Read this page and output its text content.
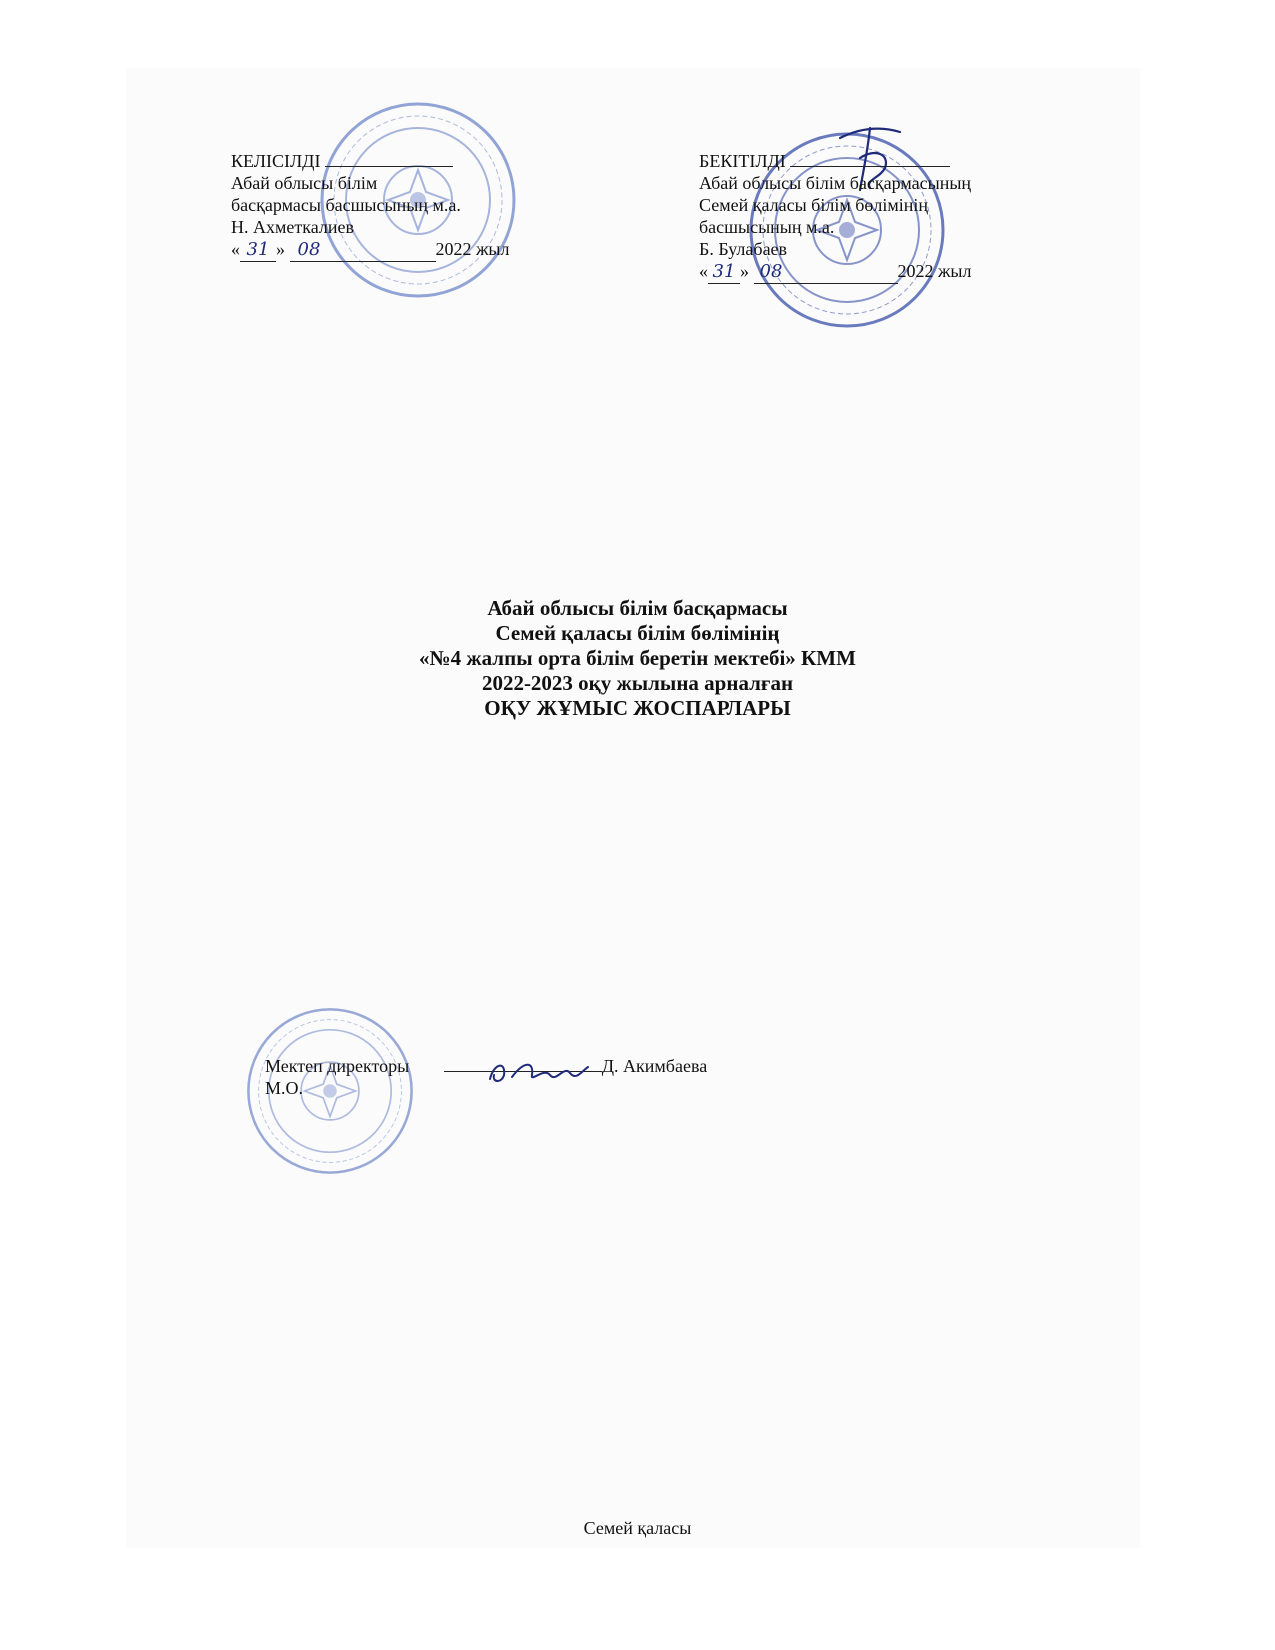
КЕЛІСІЛДІ
Абай облысы білім
басқармасы басшысының м.а.
Н. Ахметкалиев
« 31 » 08	2022 жыл
БЕКІТІЛДІ
Абай облысы білім басқармасының
Семей қаласы білім бөлімінің
басшысының м.а.
Б. Булабаев
« 31 » 08	2022 жыл
Абай облысы білім басқармасы
Семей қаласы білім бөлімінің
«№4 жалпы орта білім беретін мектебі» КММ
2022-2023 оқу жылына арналған
ОҚУ ЖҰМЫС ЖОСПАРЛАРЫ
Мектеп директоры	Д. Акимбаева
М.О.
Семей қаласы
